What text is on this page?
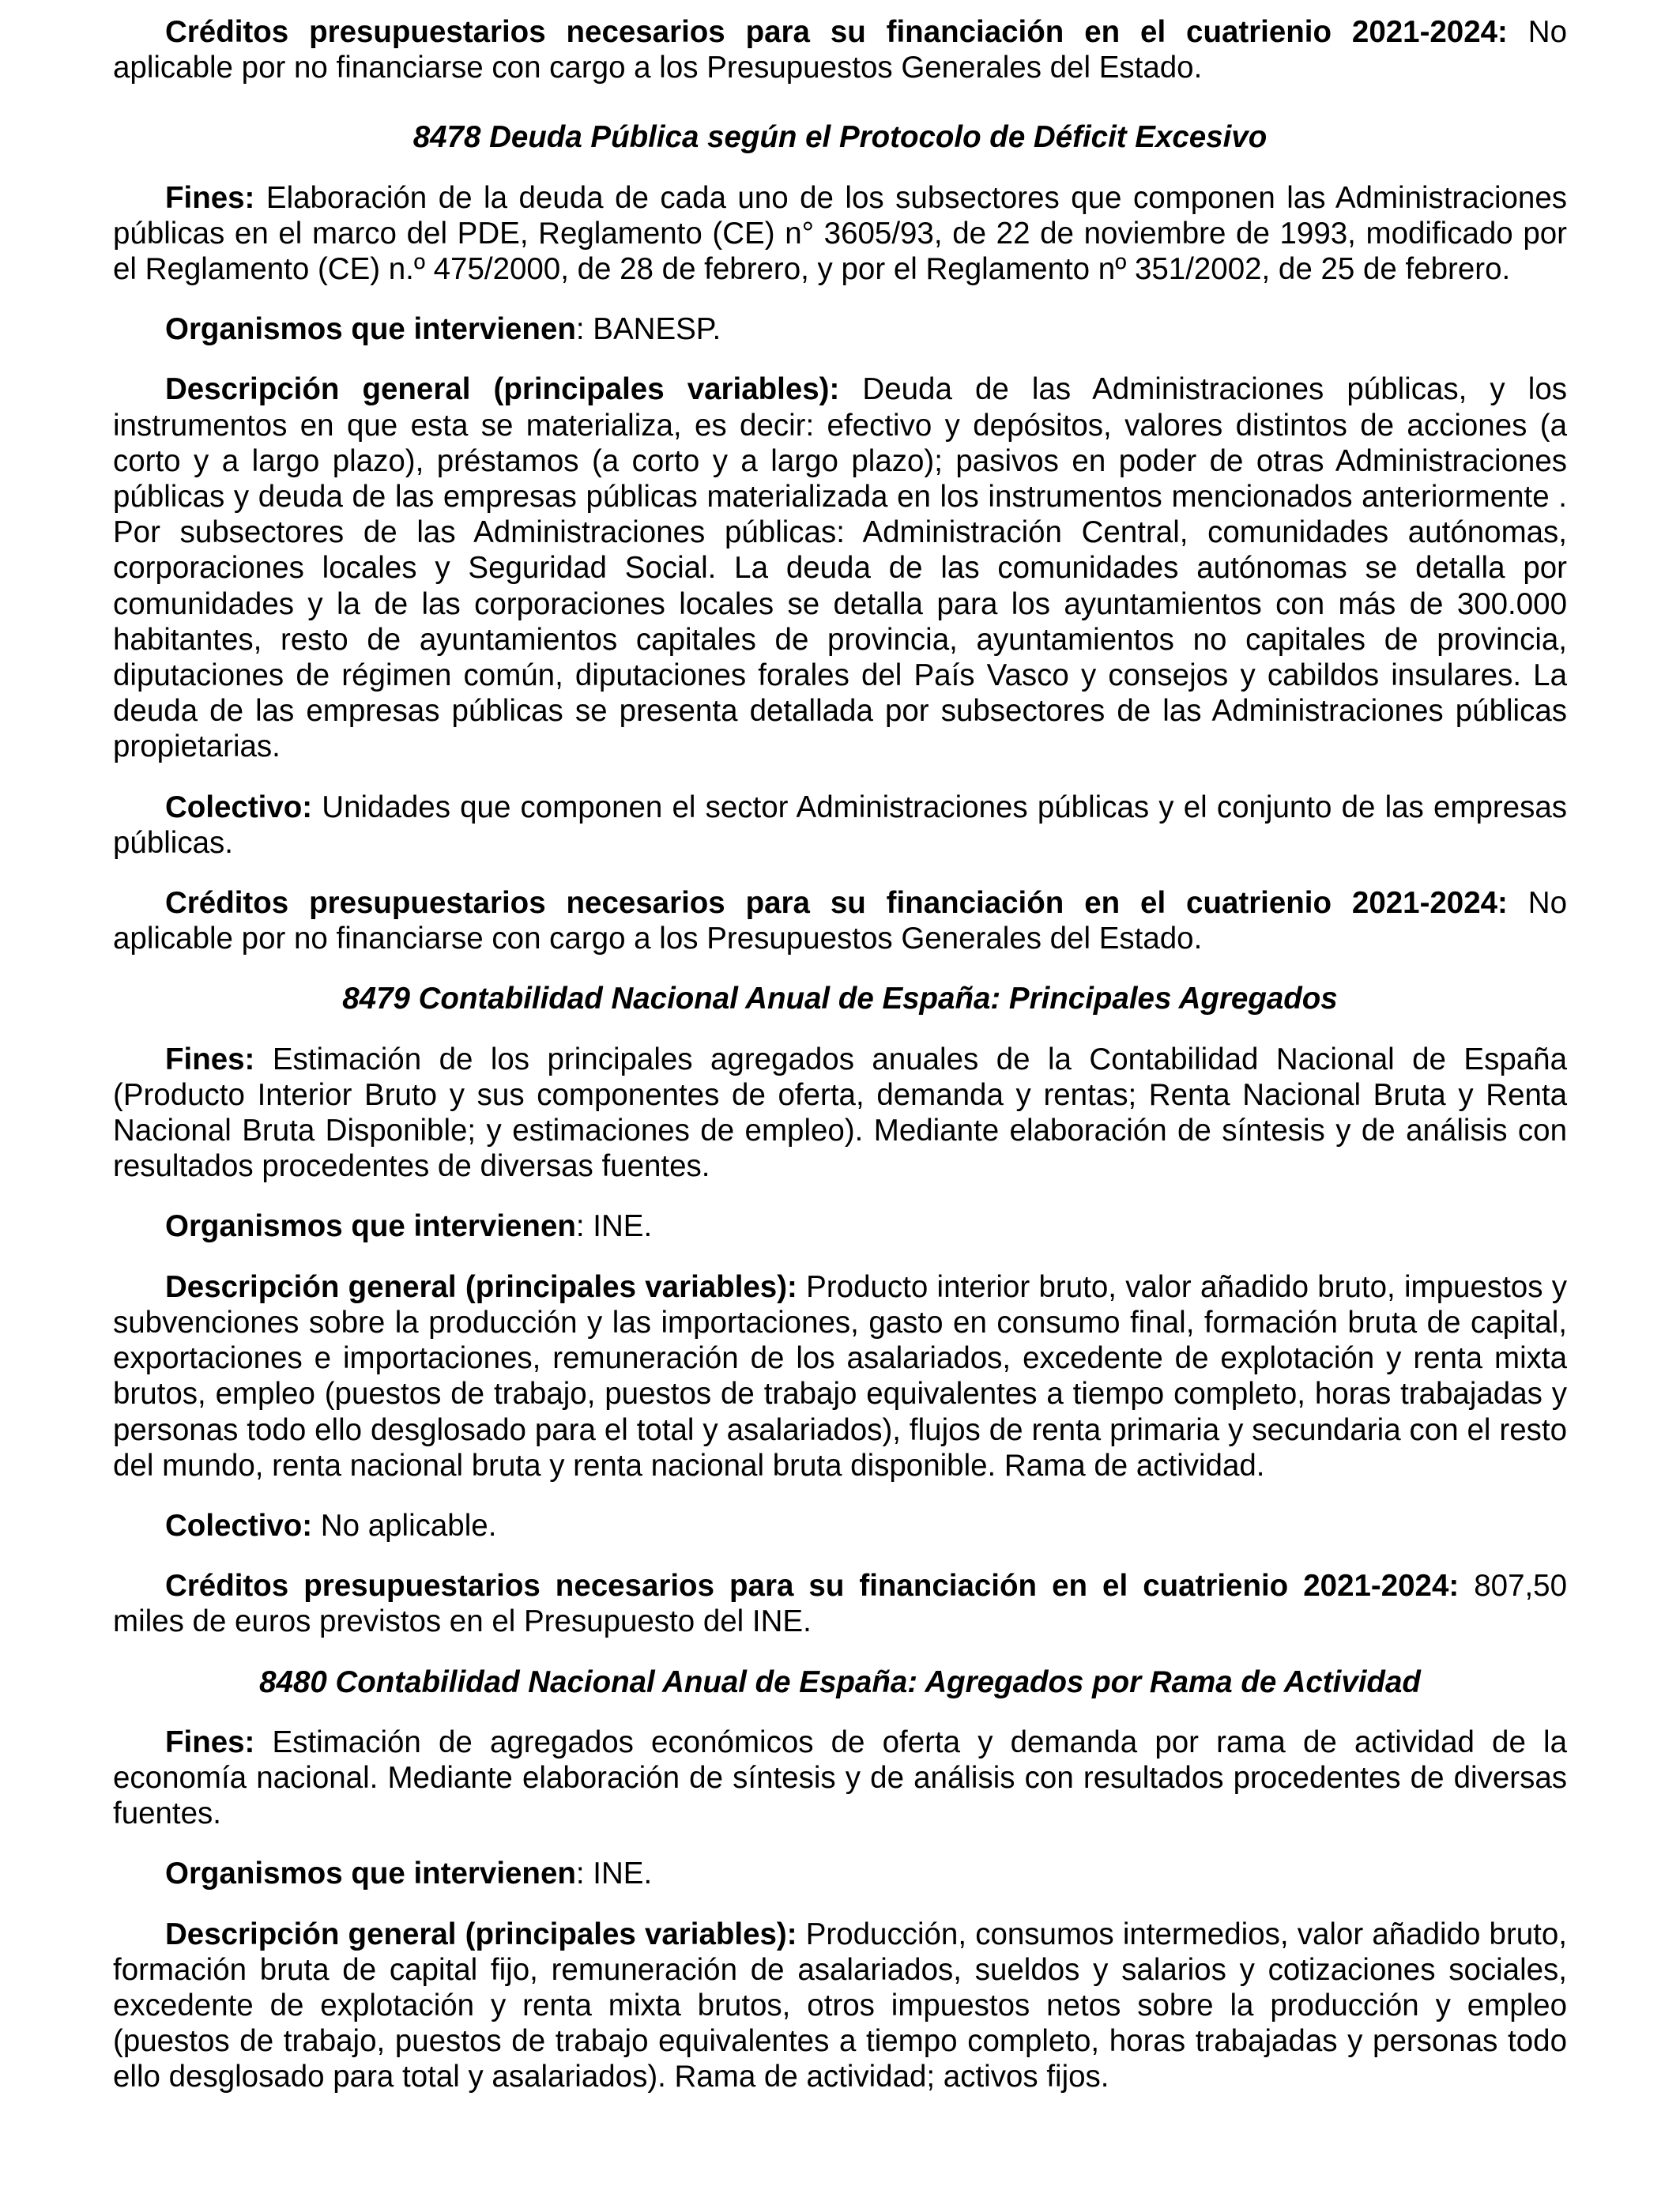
Créditos presupuestarios necesarios para su financiación en el cuatrienio 2021-2024: No aplicable por no financiarse con cargo a los Presupuestos Generales del Estado.

8478 Deuda Pública según el Protocolo de Déficit Excesivo

Fines: Elaboración de la deuda de cada uno de los subsectores que componen las Administraciones públicas en el marco del PDE, Reglamento (CE) n° 3605/93, de 22 de noviembre de 1993, modificado por el Reglamento (CE) n.º 475/2000, de 28 de febrero, y por el Reglamento nº 351/2002, de 25 de febrero.

Organismos que intervienen: BANESP.

Descripción general (principales variables): Deuda de las Administraciones públicas, y los instrumentos en que esta se materializa, es decir: efectivo y depósitos, valores distintos de acciones (a corto y a largo plazo), préstamos (a corto y a largo plazo); pasivos en poder de otras Administraciones públicas y deuda de las empresas públicas materializada en los instrumentos mencionados anteriormente . Por subsectores de las Administraciones públicas: Administración Central, comunidades autónomas, corporaciones locales y Seguridad Social. La deuda de las comunidades autónomas se detalla por comunidades y la de las corporaciones locales se detalla para los ayuntamientos con más de 300.000 habitantes, resto de ayuntamientos capitales de provincia, ayuntamientos no capitales de provincia, diputaciones de régimen común, diputaciones forales del País Vasco y consejos y cabildos insulares. La deuda de las empresas públicas se presenta detallada por subsectores de las Administraciones públicas propietarias.

Colectivo: Unidades que componen el sector Administraciones públicas y el conjunto de las empresas públicas.

Créditos presupuestarios necesarios para su financiación en el cuatrienio 2021-2024: No aplicable por no financiarse con cargo a los Presupuestos Generales del Estado.

8479 Contabilidad Nacional Anual de España: Principales Agregados

Fines: Estimación de los principales agregados anuales de la Contabilidad Nacional de España (Producto Interior Bruto y sus componentes de oferta, demanda y rentas; Renta Nacional Bruta y Renta Nacional Bruta Disponible; y estimaciones de empleo). Mediante elaboración de síntesis y de análisis con resultados procedentes de diversas fuentes.

Organismos que intervienen: INE.

Descripción general (principales variables): Producto interior bruto, valor añadido bruto, impuestos y subvenciones sobre la producción y las importaciones, gasto en consumo final, formación bruta de capital, exportaciones e importaciones, remuneración de los asalariados, excedente de explotación y renta mixta brutos, empleo (puestos de trabajo, puestos de trabajo equivalentes a tiempo completo, horas trabajadas y personas todo ello desglosado para el total y asalariados), flujos de renta primaria y secundaria con el resto del mundo, renta nacional bruta y renta nacional bruta disponible. Rama de actividad.

Colectivo: No aplicable.

Créditos presupuestarios necesarios para su financiación en el cuatrienio 2021-2024: 807,50 miles de euros previstos en el Presupuesto del INE.

8480 Contabilidad Nacional Anual de España: Agregados por Rama de Actividad

Fines: Estimación de agregados económicos de oferta y demanda por rama de actividad de la economía nacional. Mediante elaboración de síntesis y de análisis con resultados procedentes de diversas fuentes.

Organismos que intervienen: INE.

Descripción general (principales variables): Producción, consumos intermedios, valor añadido bruto, formación bruta de capital fijo, remuneración de asalariados, sueldos y salarios y cotizaciones sociales, excedente de explotación y renta mixta brutos, otros impuestos netos sobre la producción y empleo (puestos de trabajo, puestos de trabajo equivalentes a tiempo completo, horas trabajadas y personas todo ello desglosado para total y asalariados). Rama de actividad; activos fijos.
